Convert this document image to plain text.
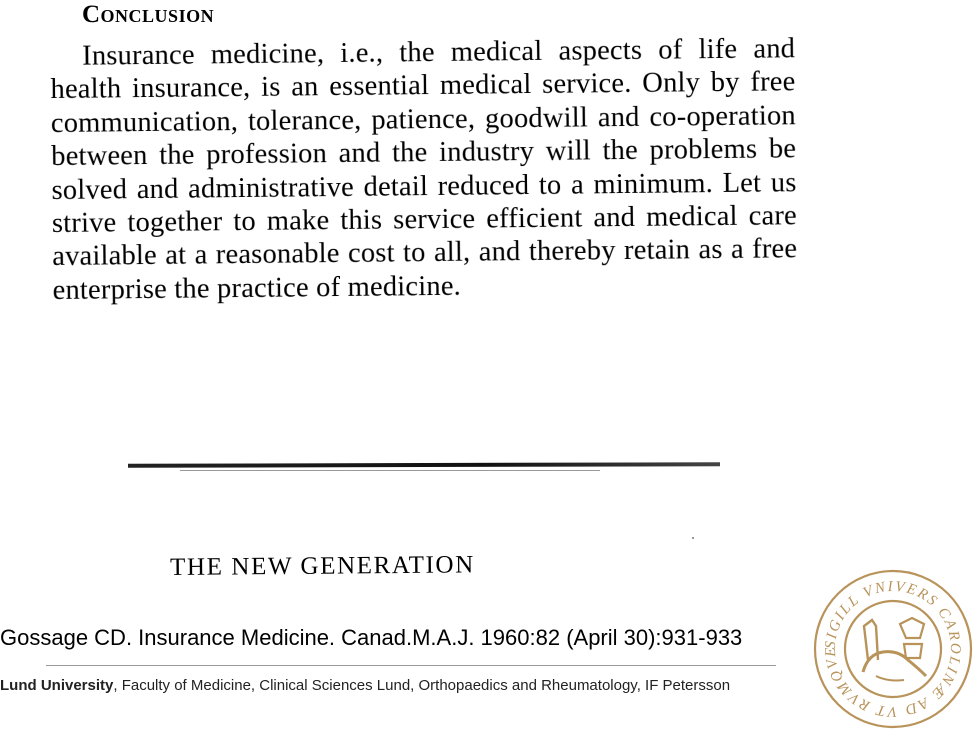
Conclusion

Insurance medicine, i.e., the medical aspects of life and health insurance, is an essential medical service. Only by free communication, tolerance, patience, goodwill and co-operation between the profession and the industry will the problems be solved and administrative detail reduced to a minimum. Let us strive together to make this service efficient and medical care available at a reasonable cost to all, and thereby retain as a free enterprise the practice of medicine.

THE NEW GENERATION

Gossage CD. Insurance Medicine. Canad.M.A.J. 1960:82 (April 30):931-933

Lund University, Faculty of Medicine, Clinical Sciences Lund, Orthopaedics and Rheumatology, IF Petersson

SIGILL VNIVERS CAROLINÆ AD VT RVMQVE
